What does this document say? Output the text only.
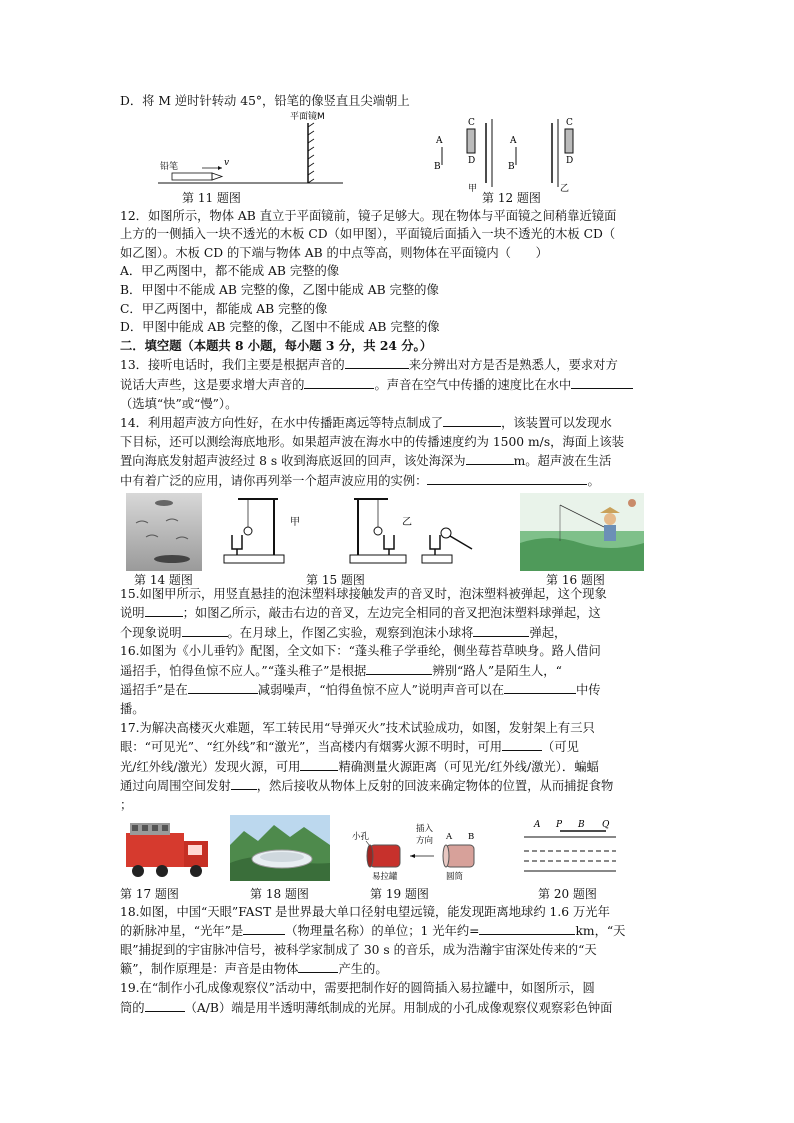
D．将 M 逆时针转动 45°，铅笔的像竖直且尖端朝上
平面镜M
铅笔	v
第 11 题图
A
B
C
D
甲
A
B
C
D
乙
第 12 题图
12．如图所示，物体 AB 直立于平面镜前，镜子足够大。现在物体与平面镜之间稍靠近镜面
上方的一侧插入一块不透光的木板 CD（如甲图），平面镜后面插入一块不透光的木板 CD（
如乙图）。木板 CD 的下端与物体 AB 的中点等高，则物体在平面镜内（　　）
A．甲乙两图中，都不能成 AB 完整的像
B．甲图中不能成 AB 完整的像，乙图中能成 AB 完整的像
C．甲乙两图中，都能成 AB 完整的像
D．甲图中能成 AB 完整的像，乙图中不能成 AB 完整的像
二．填空题（本题共 8 小题，每小题 3 分，共 24 分。）
13．接听电话时，我们主要是根据声音的	来分辨出对方是否是熟悉人，要求对方
说话大声些，这是要求增大声音的	。声音在空气中传播的速度比在水中
（选填“快”或“慢”）。
14．利用超声波方向性好，在水中传播距离远等特点制成了	，该装置可以发现水
下目标，还可以测绘海底地形。如果超声波在海水中的传播速度约为 1500 m/s，海面上该装
置向海底发射超声波经过 8 s 收到海底返回的回声，该处海深为	m。超声波在生活
中有着广泛的应用，请你再列举一个超声波应用的实例：	。
第 14 题图
甲	乙
第 15 题图	第 16 题图
15.如图甲所示，用竖直悬挂的泡沫塑料球接触发声的音叉时，泡沫塑料被弹起，这个现象
说明	；如图乙所示，敲击右边的音叉，左边完全相同的音叉把泡沫塑料球弹起，这
个现象说明	。在月球上，作图乙实验，观察到泡沫小球将	弹起，
16.如图为《小儿垂钓》配图，全文如下：“蓬头稚子学垂纶，侧坐莓苔草映身。路人借问
遥招手，怕得鱼惊不应人。”“蓬头稚子”是根据	辨别“路人”是陌生人，“
遥招手”是在	减弱噪声，“怕得鱼惊不应人”说明声音可以在	中传
播。
17.为解决高楼灭火难题，军工转民用“导弹灭火”技术试验成功，如图，发射架上有三只
眼：“可见光”、“红外线”和“激光”，当高楼内有烟雾火源不明时，可用	（可见
光/红外线/激光）发现火源，可用	精确测量火源距离（可见光/红外线/激光）．蝙蝠
通过向周围空间发射 ，然后接收从物体上反射的回波来确定物体的位置，从而捕捉食物
；
第 17 题图	第 18 题图
小孔
易拉罐
插入
方向 A B
圆筒
第 19 题图
A P B Q
第 20 题图
18.如图，中国“天眼”FAST 是世界最大单口径射电望远镜，能发现距离地球约 1.6 万光年
的新脉冲星，“光年”是	（物理量名称）的单位；1 光年约=	km，“天
眼”捕捉到的宇宙脉冲信号，被科学家制成了 30 s 的音乐，成为浩瀚宇宙深处传来的“天
籁”，制作原理是：声音是由物体	产生的。
19.在“制作小孔成像观察仪”活动中，需要把制作好的圆筒插入易拉罐中，如图所示，圆
筒的	（A/B）端是用半透明薄纸制成的光屏。用制成的小孔成像观察仪观察彩色钟面
